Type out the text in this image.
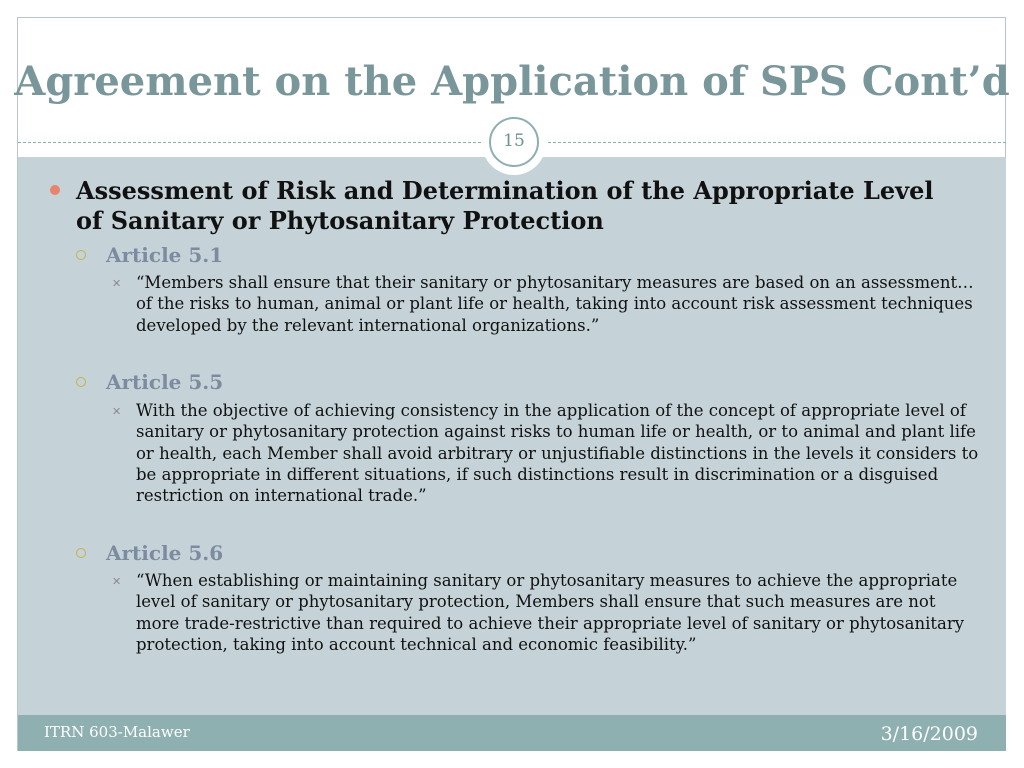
Agreement on the Application of SPS Cont’d
15
Assessment of Risk and Determination of the Appropriate Level of Sanitary or Phytosanitary Protection
Article 5.1
✕ “Members shall ensure that their sanitary or phytosanitary measures are based on an assessment… of the risks to human, animal or plant life or health, taking into account risk assessment techniques developed by the relevant international organizations.”
Article 5.5
✕ With the objective of achieving consistency in the application of the concept of appropriate level of sanitary or phytosanitary protection against risks to human life or health, or to animal and plant life or health, each Member shall avoid arbitrary or unjustifiable distinctions in the levels it considers to be appropriate in different situations, if such distinctions result in discrimination or a disguised restriction on international trade.”
Article 5.6
✕ “When establishing or maintaining sanitary or phytosanitary measures to achieve the appropriate level of sanitary or phytosanitary protection, Members shall ensure that such measures are not more trade-restrictive than required to achieve their appropriate level of sanitary or phytosanitary protection, taking into account technical and economic feasibility.”
ITRN 603-Malawer	3/16/2009
